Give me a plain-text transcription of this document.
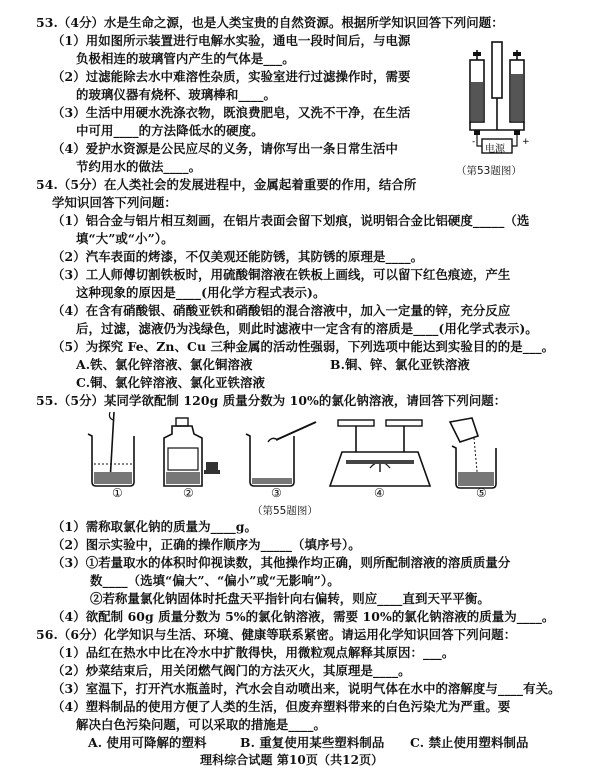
53.（4分）水是生命之源，也是人类宝贵的自然资源。根据所学知识回答下列问题：
（1）用如图所示装置进行电解水实验，通电一段时间后，与电源
负极相连的玻璃管内产生的气体是___。
（2）过滤能除去水中难溶性杂质，实验室进行过滤操作时，需要
的玻璃仪器有烧杯、玻璃棒和____。
（3）生活中用硬水洗涤衣物，既浪费肥皂，又洗不干净，在生活
中可用____的方法降低水的硬度。
（4）爱护水资源是公民应尽的义务，请你写出一条日常生活中
节约用水的做法____。
-	+
电源
（第53题图）
54.（5分）在人类社会的发展进程中，金属起着重要的作用，结合所
学知识回答下列问题：
（1）铝合金与铝片相互刻画，在铝片表面会留下划痕，说明铝合金比铝硬度_____（选
填“大”或“小”）。
（2）汽车表面的烤漆，不仅美观还能防锈，其防锈的原理是____。
（3）工人师傅切割铁板时，用硫酸铜溶液在铁板上画线，可以留下红色痕迹，产生
这种现象的原因是____(用化学方程式表示)。
（4）在含有硝酸银、硝酸亚铁和硝酸铝的混合溶液中，加入一定量的锌，充分反应
后，过滤，滤液仍为浅绿色，则此时滤液中一定含有的溶质是____(用化学式表示)。
（5）为探究 Fe、Zn、Cu 三种金属的活动性强弱，下列选项中能达到实验目的的是___。
A.铁、氯化锌溶液、氯化铜溶液	B.铜、锌、氯化亚铁溶液
C.铜、氯化锌溶液、氯化亚铁溶液
55.（5分）某同学欲配制 120g 质量分数为 10%的氯化钠溶液，请回答下列问题：
①	②	③	④	⑤
（第55题图）
（1）需称取氯化钠的质量为____g。
（2）图示实验中，正确的操作顺序为_____（填序号）。
（3）①若量取水的体积时仰视读数，其他操作均正确，则所配制溶液的溶质质量分
数____（选填“偏大”、“偏小”或“无影响”）。
②若称量氯化钠固体时托盘天平指针向右偏转，则应____直到天平平衡。
（4）欲配制 60g 质量分数为 5%的氯化钠溶液，需要 10%的氯化钠溶液的质量为____。
56.（6分）化学知识与生活、环境、健康等联系紧密。请运用化学知识回答下列问题：
（1）品红在热水中比在冷水中扩散得快，用微粒观点解释其原因：___。
（2）炒菜结束后，用关闭燃气阀门的方法灭火，其原理是____。
（3）室温下，打开汽水瓶盖时，汽水会自动喷出来，说明气体在水中的溶解度与____有关。
（4）塑料制品的使用方便了人类的生活，但废弃塑料带来的白色污染尤为严重。要
解决白色污染问题，可以采取的措施是____。
A. 使用可降解的塑料	B. 重复使用某些塑料制品 C. 禁止使用塑料制品
理科综合试题 第10页（共12页）
